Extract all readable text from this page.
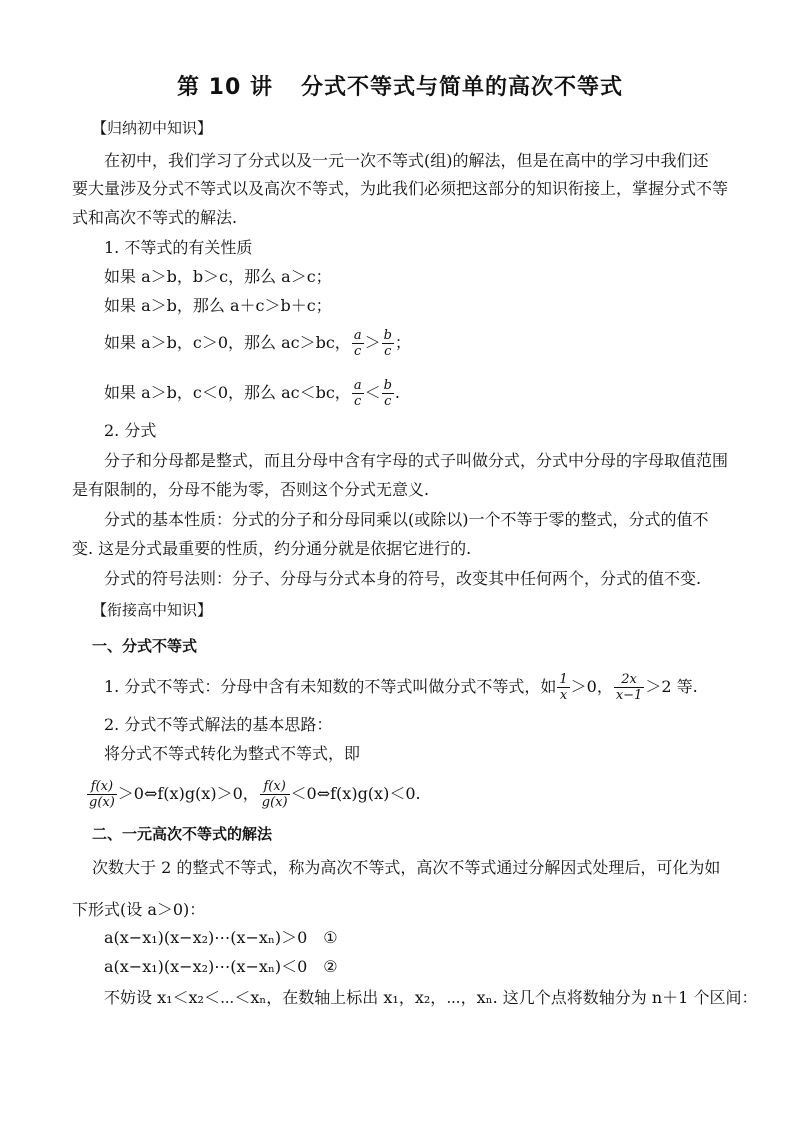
第 10 讲 分式不等式与简单的高次不等式
【归纳初中知识】
在初中，我们学习了分式以及一元一次不等式(组)的解法，但是在高中的学习中我们还
要大量涉及分式不等式以及高次不等式，为此我们必须把这部分的知识衔接上，掌握分式不等
式和高次不等式的解法.
1. 不等式的有关性质
如果 a＞b，b＞c，那么 a＞c；
如果 a＞b，那么 a＋c＞b＋c；
如果 a＞b，c＞0，那么 ac＞bc， $\frac{a}{c} > \frac{b}{c}$ ；
如果 a＞b，c＜0，那么 ac＜bc， $\frac{a}{c} < \frac{b}{c}$ .
2. 分式
分子和分母都是整式，而且分母中含有字母的式子叫做分式，分式中分母的字母取值范围
是有限制的，分母不能为零，否则这个分式无意义.
分式的基本性质：分式的分子和分母同乘以(或除以)一个不等于零的整式，分式的值不
变. 这是分式最重要的性质，约分通分就是依据它进行的.
分式的符号法则：分子、分母与分式本身的符号，改变其中任何两个，分式的值不变.
【衔接高中知识】
一、分式不等式
1. 分式不等式：分母中含有未知数的不等式叫做分式不等式，如 $\frac{1}{x} >0$， $\frac{2x}{x-1} >2$ 等.
2. 分式不等式解法的基本思路：
将分式不等式转化为整式不等式，即
$\frac{f(x)}{g(x)}$ ＞0⇔f(x)g(x)＞0， $\frac{f(x)}{g(x)}$ ＜0⇔f(x)g(x)＜0.
二、一元高次不等式的解法
次数大于 2 的整式不等式，称为高次不等式，高次不等式通过分解因式处理后，可化为如
下形式(设 a＞0)：
a(x−x₁)(x−x₂)⋯(x−xₙ)＞0　①
a(x−x₁)(x−x₂)⋯(x−xₙ)＜0　②
不妨设 x₁＜x₂＜⋯＜xₙ，在数轴上标出 x₁，x₂，⋯，xₙ. 这几个点将数轴分为 n＋1 个区间：
